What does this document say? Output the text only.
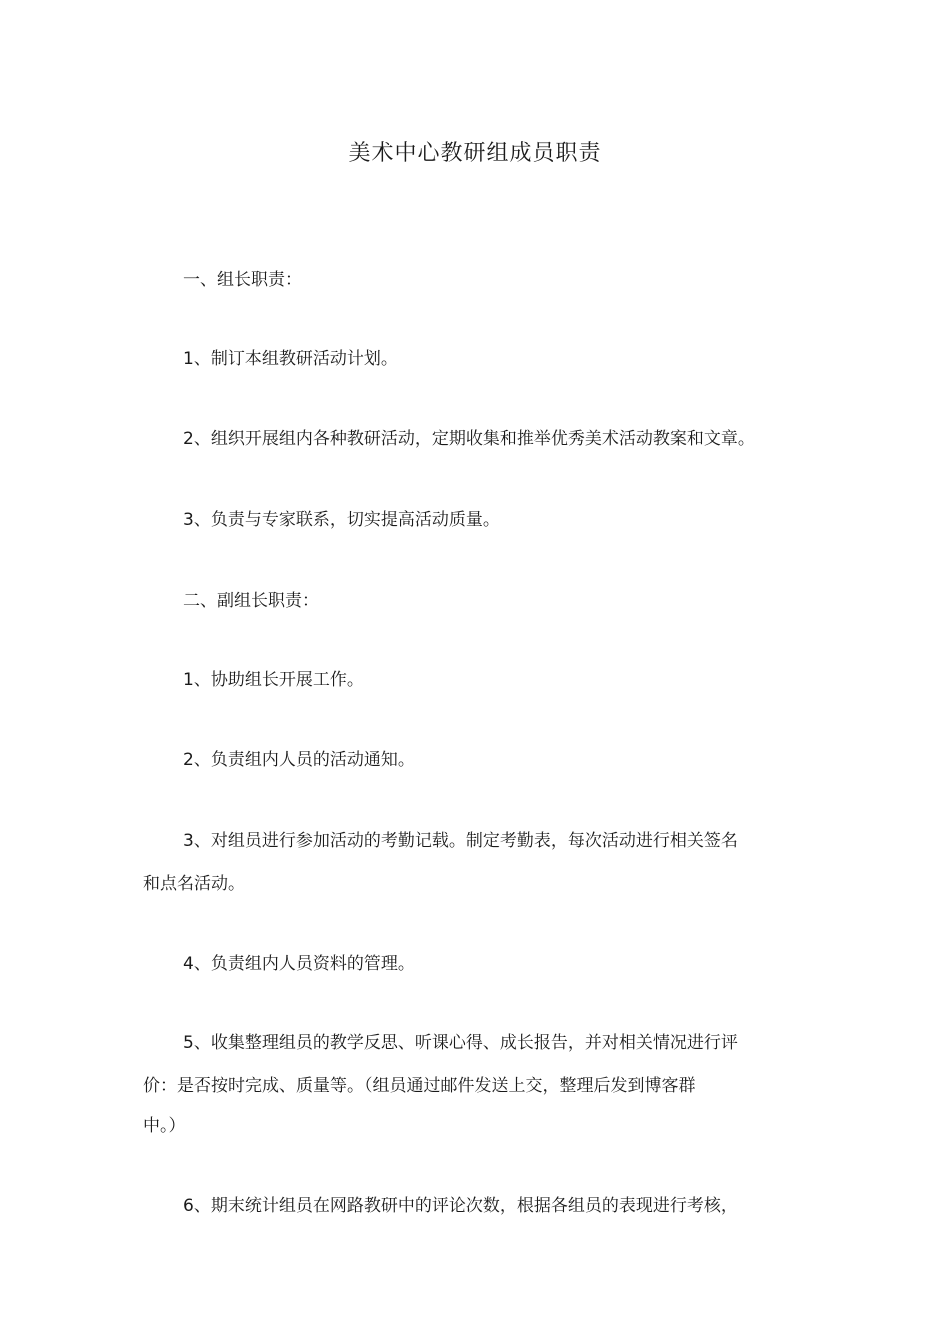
美术中心教研组成员职责
一、组长职责：
1、制订本组教研活动计划。
2、组织开展组内各种教研活动，定期收集和推举优秀美术活动教案和文章。
3、负责与专家联系，切实提高活动质量。
二、副组长职责：
1、协助组长开展工作。
2、负责组内人员的活动通知。
3、对组员进行参加活动的考勤记载。制定考勤表，每次活动进行相关签名
和点名活动。
4、负责组内人员资料的管理。
5、收集整理组员的教学反思、听课心得、成长报告，并对相关情况进行评
价：是否按时完成、质量等。（组员通过邮件发送上交，整理后发到博客群
中。）
6、期末统计组员在网路教研中的评论次数，根据各组员的表现进行考核，
